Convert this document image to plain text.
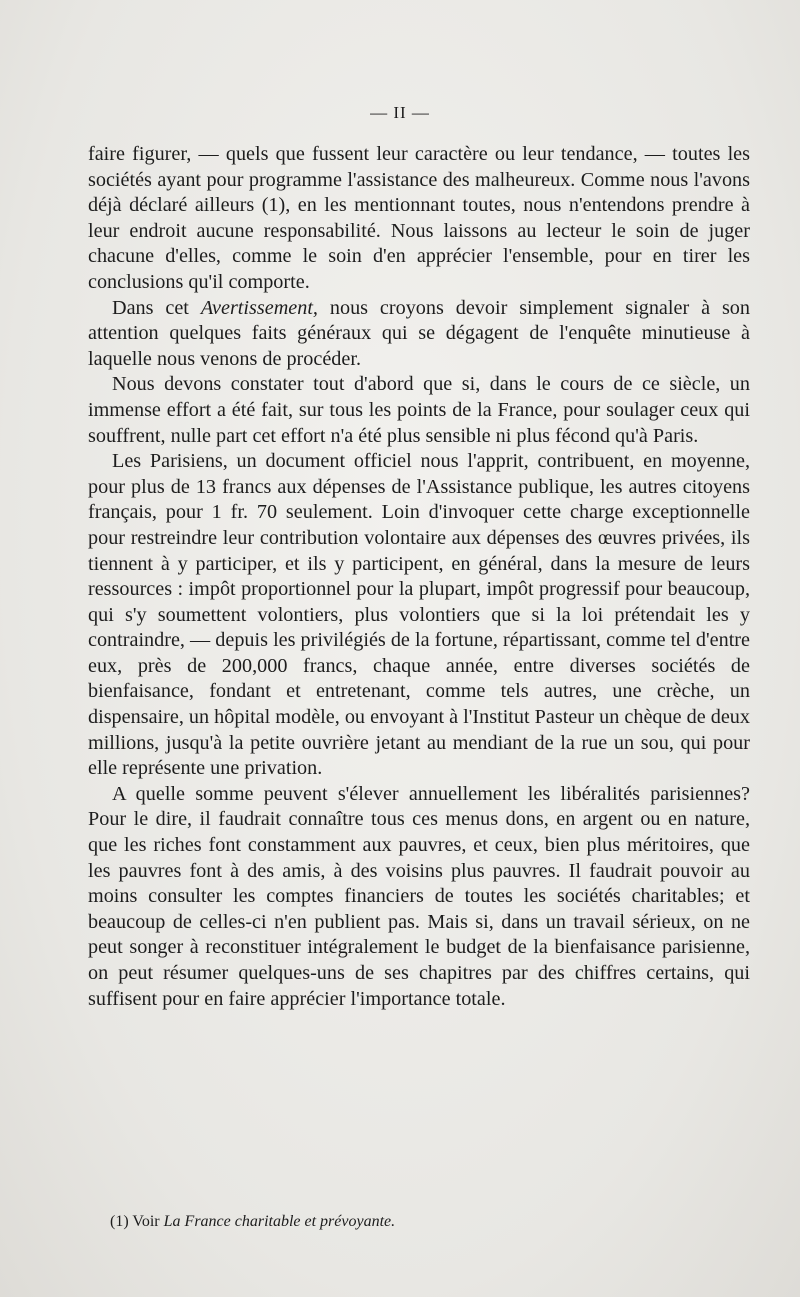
— II —

faire figurer, — quels que fussent leur caractère ou leur tendance, — toutes les sociétés ayant pour programme l'assistance des malheureux. Comme nous l'avons déjà déclaré ailleurs (1), en les mentionnant toutes, nous n'entendons prendre à leur endroit aucune responsabilité. Nous laissons au lecteur le soin de juger chacune d'elles, comme le soin d'en apprécier l'ensemble, pour en tirer les conclusions qu'il comporte.

Dans cet Avertissement, nous croyons devoir simplement signaler à son attention quelques faits généraux qui se dégagent de l'enquête minutieuse à laquelle nous venons de procéder.

Nous devons constater tout d'abord que si, dans le cours de ce siècle, un immense effort a été fait, sur tous les points de la France, pour soulager ceux qui souffrent, nulle part cet effort n'a été plus sensible ni plus fécond qu'à Paris.

Les Parisiens, un document officiel nous l'apprit, contribuent, en moyenne, pour plus de 13 francs aux dépenses de l'Assistance publique, les autres citoyens français, pour 1 fr. 70 seulement. Loin d'invoquer cette charge exceptionnelle pour restreindre leur contribution volontaire aux dépenses des œuvres privées, ils tiennent à y participer, et ils y participent, en général, dans la mesure de leurs ressources : impôt proportionnel pour la plupart, impôt progressif pour beaucoup, qui s'y soumettent volontiers, plus volontiers que si la loi prétendait les y contraindre, — depuis les privilégiés de la fortune, répartissant, comme tel d'entre eux, près de 200,000 francs, chaque année, entre diverses sociétés de bienfaisance, fondant et entretenant, comme tels autres, une crèche, un dispensaire, un hôpital modèle, ou envoyant à l'Institut Pasteur un chèque de deux millions, jusqu'à la petite ouvrière jetant au mendiant de la rue un sou, qui pour elle représente une privation.

A quelle somme peuvent s'élever annuellement les libéralités parisiennes? Pour le dire, il faudrait connaître tous ces menus dons, en argent ou en nature, que les riches font constamment aux pauvres, et ceux, bien plus méritoires, que les pauvres font à des amis, à des voisins plus pauvres. Il faudrait pouvoir au moins consulter les comptes financiers de toutes les sociétés charitables; et beaucoup de celles-ci n'en publient pas. Mais si, dans un travail sérieux, on ne peut songer à reconstituer intégralement le budget de la bienfaisance parisienne, on peut résumer quelques-uns de ses chapitres par des chiffres certains, qui suffisent pour en faire apprécier l'importance totale.

(1) Voir La France charitable et prévoyante.
